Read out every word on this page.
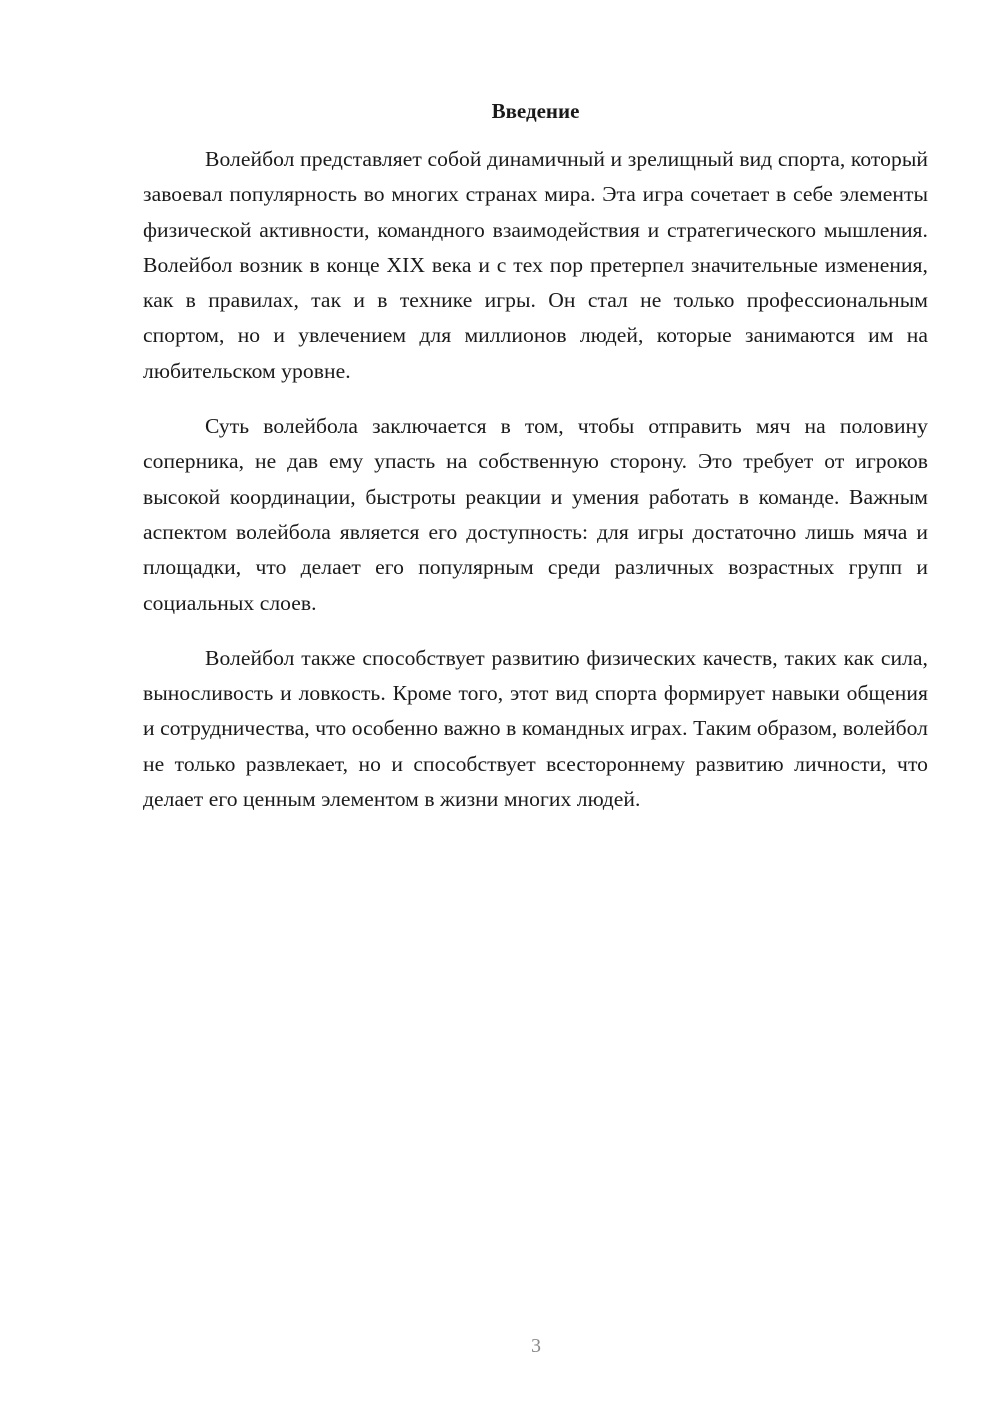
Введение

Волейбол представляет собой динамичный и зрелищный вид спорта, который завоевал популярность во многих странах мира. Эта игра сочетает в себе элементы физической активности, командного взаимодействия и стратегического мышления. Волейбол возник в конце XIX века и с тех пор претерпел значительные изменения, как в правилах, так и в технике игры. Он стал не только профессиональным спортом, но и увлечением для миллионов людей, которые занимаются им на любительском уровне.

Суть волейбола заключается в том, чтобы отправить мяч на половину соперника, не дав ему упасть на собственную сторону. Это требует от игроков высокой координации, быстроты реакции и умения работать в команде. Важным аспектом волейбола является его доступность: для игры достаточно лишь мяча и площадки, что делает его популярным среди различных возрастных групп и социальных слоев.

Волейбол также способствует развитию физических качеств, таких как сила, выносливость и ловкость. Кроме того, этот вид спорта формирует навыки общения и сотрудничества, что особенно важно в командных играх. Таким образом, волейбол не только развлекает, но и способствует всестороннему развитию личности, что делает его ценным элементом в жизни многих людей.

3
